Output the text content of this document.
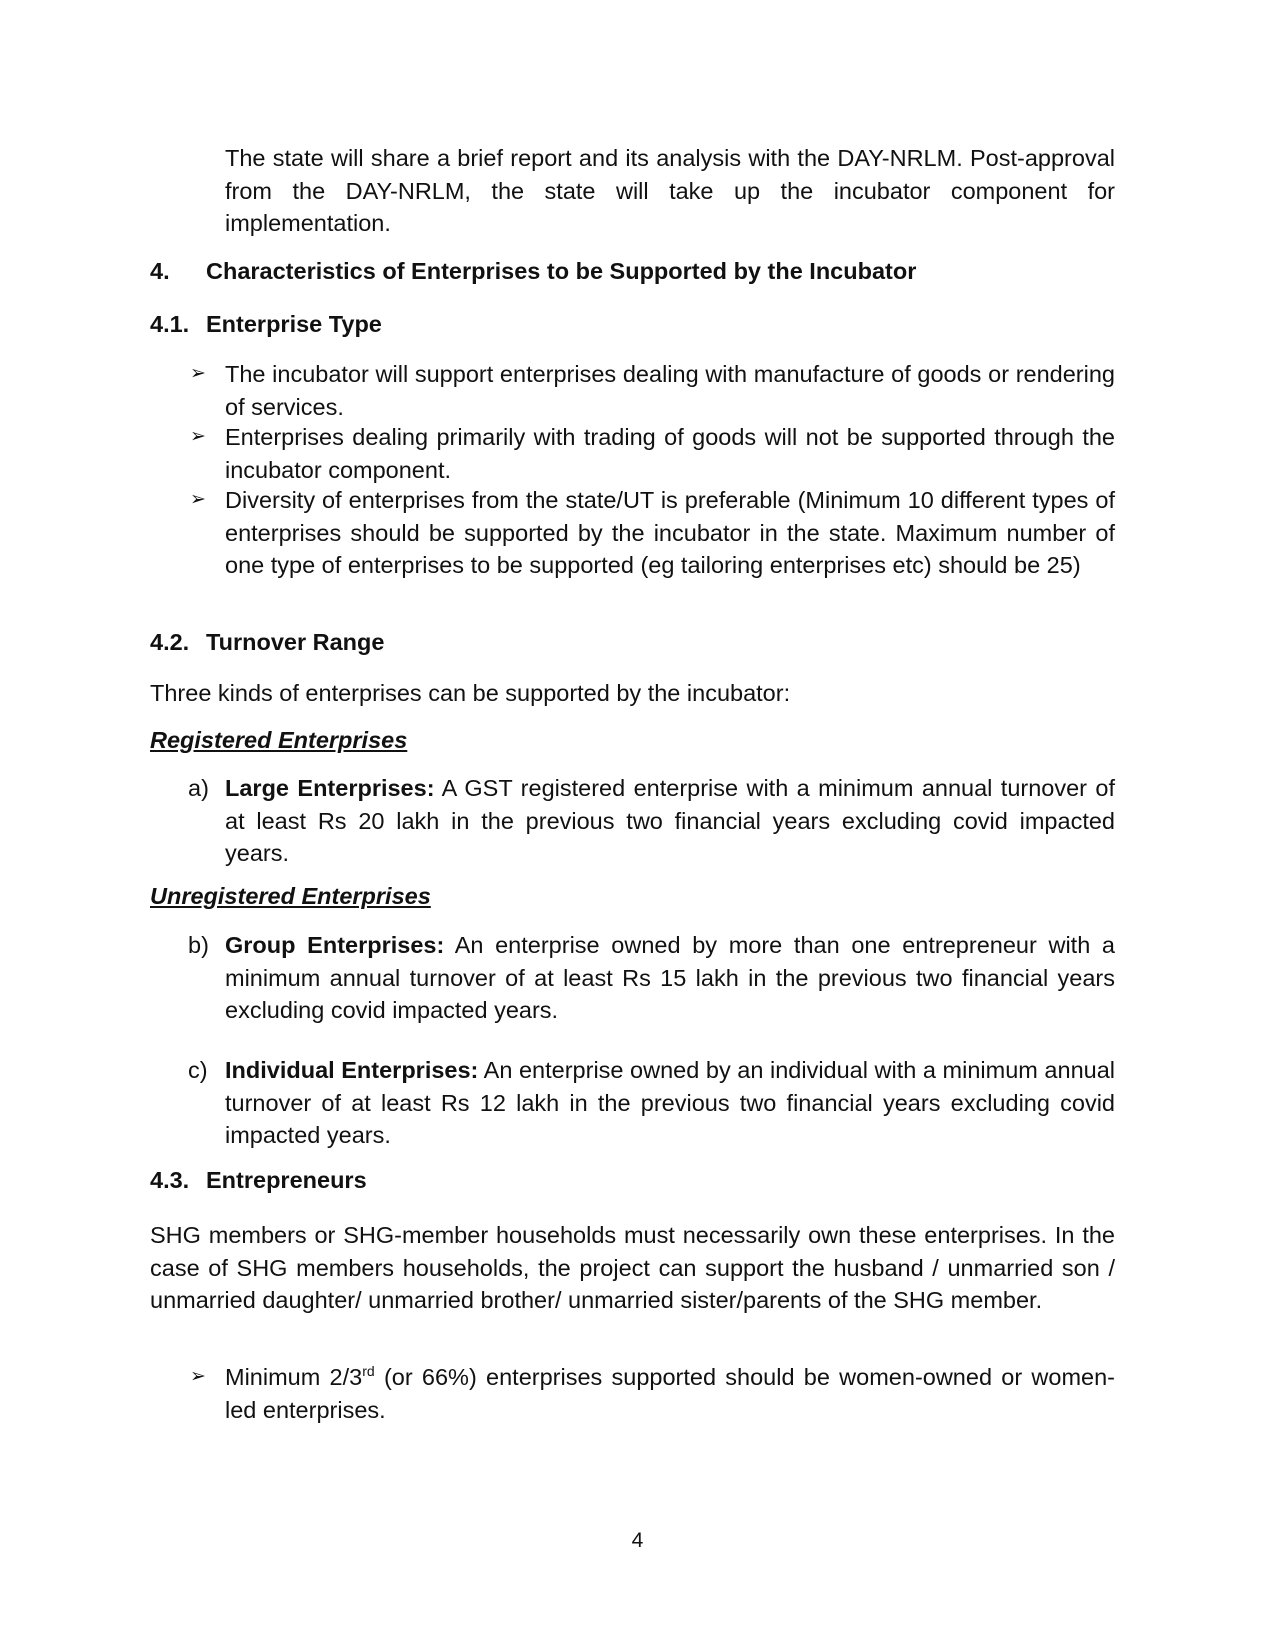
The state will share a brief report and its analysis with the DAY-NRLM. Post-approval from the DAY-NRLM, the state will take up the incubator component for implementation.

4. Characteristics of Enterprises to be Supported by the Incubator
4.1. Enterprise Type
➢ The incubator will support enterprises dealing with manufacture of goods or rendering of services.

➢ Enterprises dealing primarily with trading of goods will not be supported through the incubator component.

➢ Diversity of enterprises from the state/UT is preferable (Minimum 10 different types of enterprises should be supported by the incubator in the state. Maximum number of one type of enterprises to be supported (eg tailoring enterprises etc) should be 25)

4.2. Turnover Range

Three kinds of enterprises can be supported by the incubator:

Registered Enterprises
a) Large Enterprises: A GST registered enterprise with a minimum annual turnover of at least Rs 20 lakh in the previous two financial years excluding covid impacted years.

Unregistered Enterprises
b) Group Enterprises: An enterprise owned by more than one entrepreneur with a minimum annual turnover of at least Rs 15 lakh in the previous two financial years excluding covid impacted years.

c) Individual Enterprises: An enterprise owned by an individual with a minimum annual turnover of at least Rs 12 lakh in the previous two financial years excluding covid impacted years.

4.3. Entrepreneurs

SHG members or SHG-member households must necessarily own these enterprises. In the case of SHG members households, the project can support the husband / unmarried son / unmarried daughter/ unmarried brother/ unmarried sister/parents of the SHG member.

➢ Minimum 2/3rd (or 66%) enterprises supported should be women-owned or women-led enterprises.

4
